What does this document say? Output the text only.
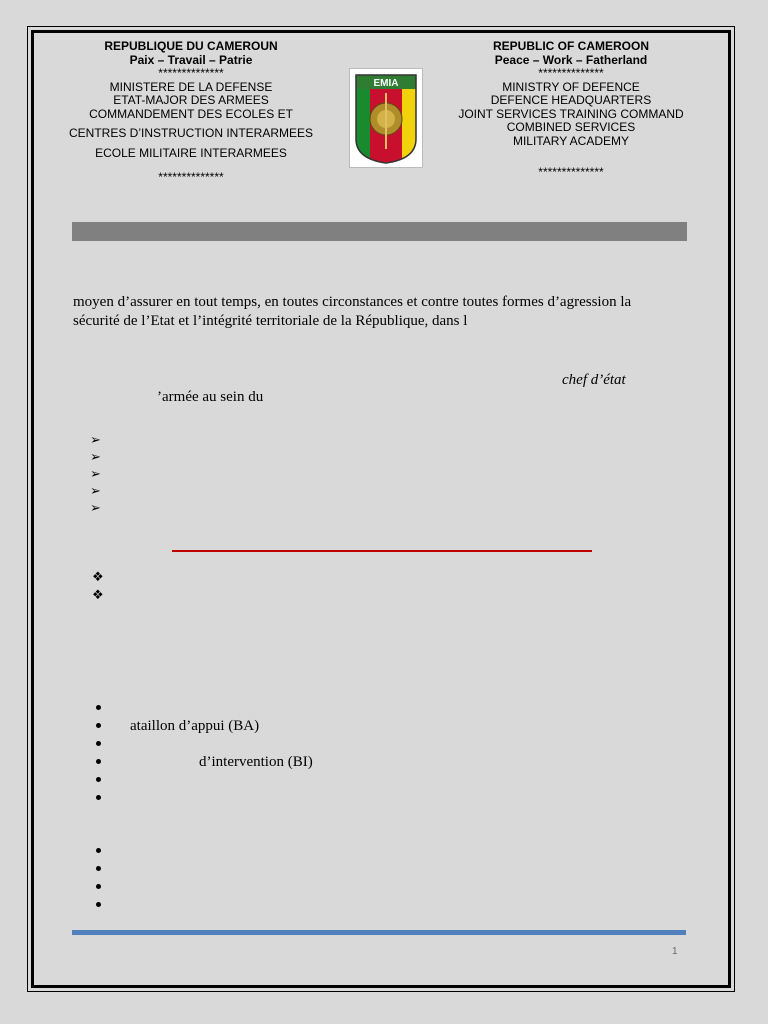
REPUBLIQUE DU CAMEROUN
Paix – Travail – Patrie
**************
MINISTERE DE LA DEFENSE
ETAT-MAJOR DES ARMEES
COMMANDEMENT DES ECOLES ET
CENTRES D’INSTRUCTION INTERARMEES
ECOLE MILITAIRE INTERARMEES
**************
EMIA
REPUBLIC OF CAMEROON
Peace – Work – Fatherland
**************
MINISTRY OF DEFENCE
DEFENCE HEADQUARTERS
JOINT SERVICES TRAINING COMMAND
COMBINED SERVICES
MILITARY ACADEMY
**************
moyen d’assurer en tout temps, en toutes circonstances et contre toutes formes d’agression la
sécurité de l’Etat et l’intégrité territoriale de la République, dans l
chef d’état
’armée au sein du
➢
➢
➢
➢
➢
❖
❖
ataillon d’appui (BA)
d’intervention (BI)
1
